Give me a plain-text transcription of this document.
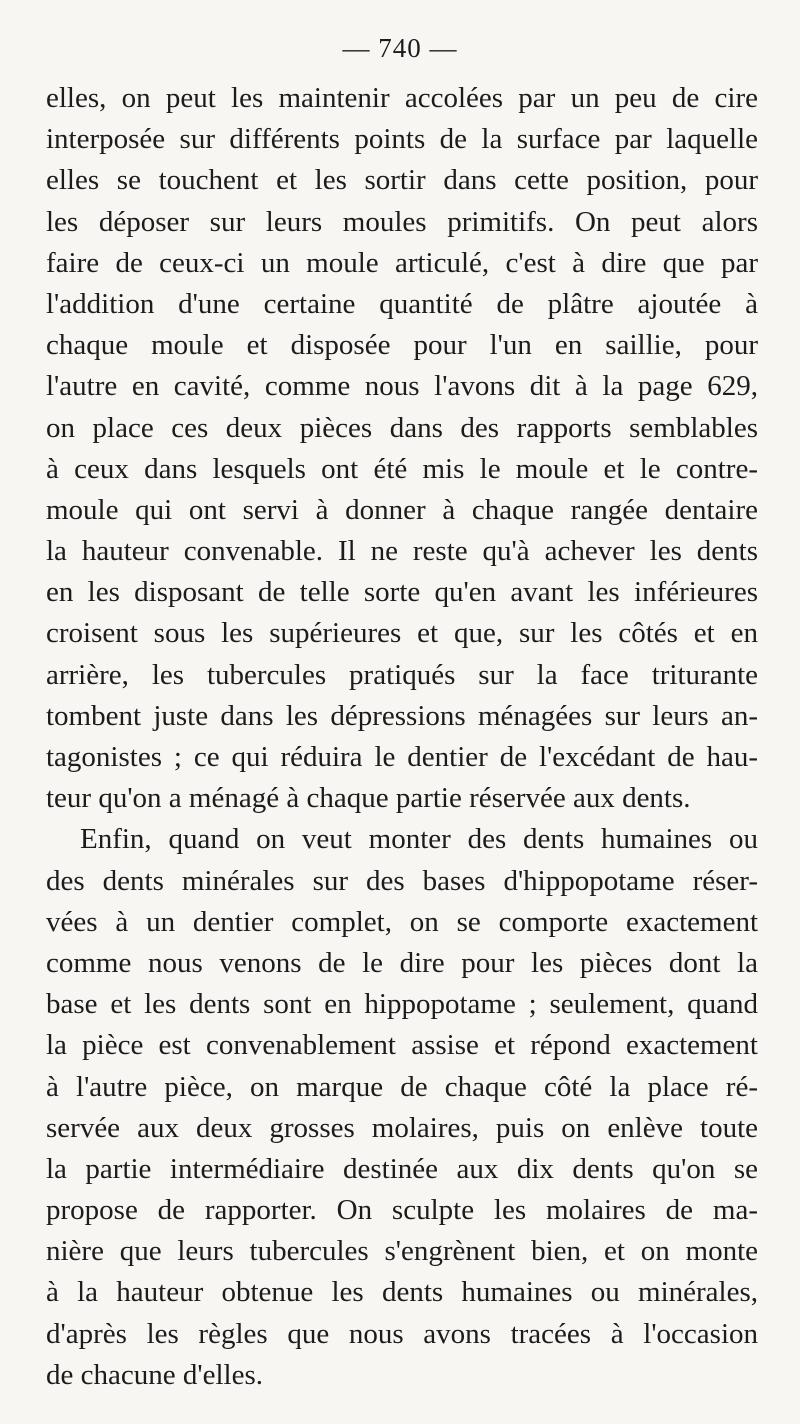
— 740 —
elles, on peut les maintenir accolées par un peu de cire
interposée sur différents points de la surface par laquelle
elles se touchent et les sortir dans cette position, pour
les déposer sur leurs moules primitifs. On peut alors
faire de ceux-ci un moule articulé, c'est à dire que par
l'addition d'une certaine quantité de plâtre ajoutée à
chaque moule et disposée pour l'un en saillie, pour
l'autre en cavité, comme nous l'avons dit à la page 629,
on place ces deux pièces dans des rapports semblables
à ceux dans lesquels ont été mis le moule et le contre-
moule qui ont servi à donner à chaque rangée dentaire
la hauteur convenable. Il ne reste qu'à achever les dents
en les disposant de telle sorte qu'en avant les inférieures
croisent sous les supérieures et que, sur les côtés et en
arrière, les tubercules pratiqués sur la face triturante
tombent juste dans les dépressions ménagées sur leurs an-
tagonistes ; ce qui réduira le dentier de l'excédant de hau-
teur qu'on a ménagé à chaque partie réservée aux dents.
Enfin, quand on veut monter des dents humaines ou
des dents minérales sur des bases d'hippopotame réser-
vées à un dentier complet, on se comporte exactement
comme nous venons de le dire pour les pièces dont la
base et les dents sont en hippopotame ; seulement, quand
la pièce est convenablement assise et répond exactement
à l'autre pièce, on marque de chaque côté la place ré-
servée aux deux grosses molaires, puis on enlève toute
la partie intermédiaire destinée aux dix dents qu'on se
propose de rapporter. On sculpte les molaires de ma-
nière que leurs tubercules s'engrènent bien, et on monte
à la hauteur obtenue les dents humaines ou minérales,
d'après les règles que nous avons tracées à l'occasion
de chacune d'elles.
